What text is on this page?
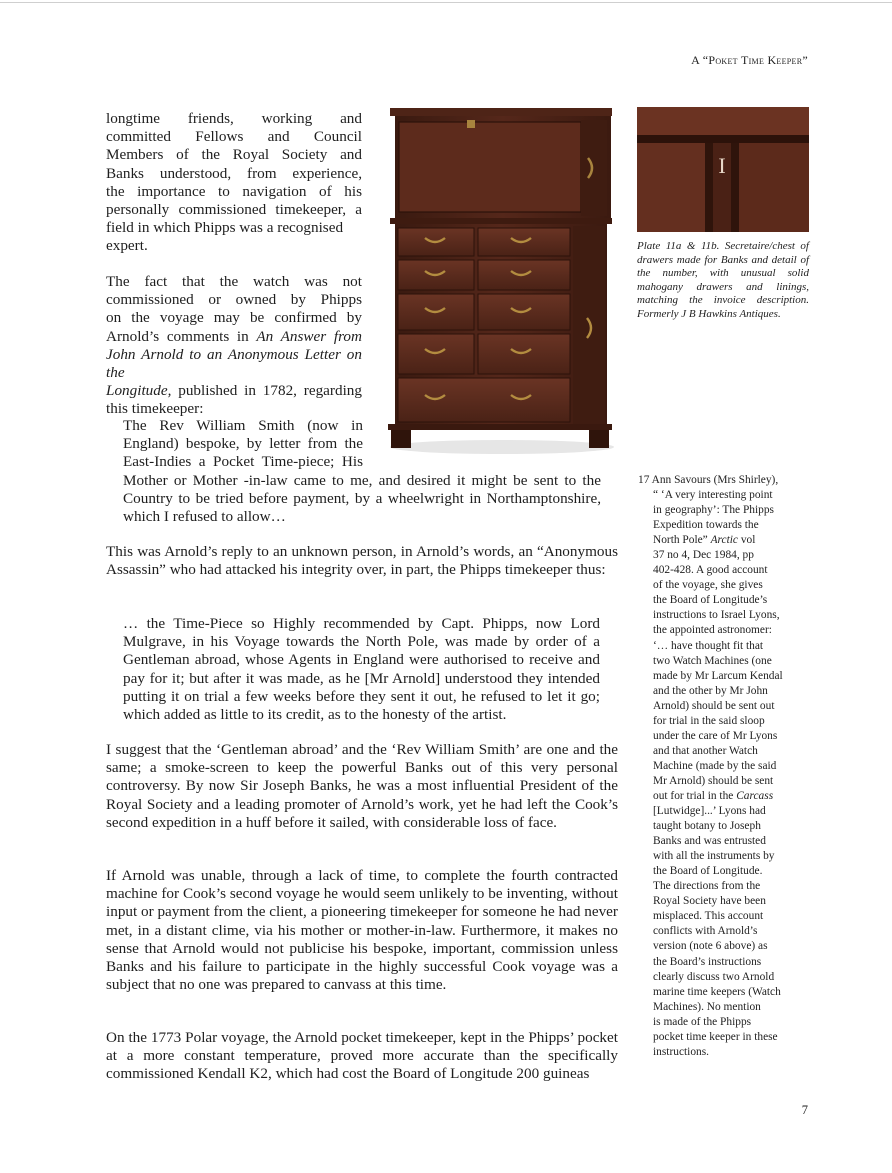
A “Poket Time Keeper”
longtime friends, working and
committed Fellows and Council
Members of the Royal Society and
Banks understood, from experience,
the importance to navigation of his
personally commissioned timekeeper, a
field in which Phipps was a recognised expert.
The fact that the watch was not
commissioned or owned by Phipps
on the voyage may be confirmed by
Arnold’s comments in An Answer from
John Arnold to an Anonymous Letter on the
Longitude, published in 1782, regarding
this timekeeper:
The Rev William Smith (now in
England) bespoke, by letter from the
East-Indies a Pocket Time-piece; His

Mother or Mother -in-law came to me, and desired it might be sent to the Country to be tried before payment, by a wheelwright in Northamptonshire, which I refused to allow…

This was Arnold’s reply to an unknown person, in Arnold’s words, an “Anonymous Assassin” who had attacked his integrity over, in part, the Phipps timekeeper thus:

… the Time-Piece so Highly recommended by Capt. Phipps, now Lord Mulgrave, in his Voyage towards the North Pole, was made by order of a Gentleman abroad, whose Agents in England were authorised to receive and pay for it; but after it was made, as he [Mr Arnold] understood they intended putting it on trial a few weeks before they sent it out, he refused to let it go; which added as little to its credit, as to the honesty of the artist.

I suggest that the ‘Gentleman abroad’ and the ‘Rev William Smith’ are one and the same; a smoke-screen to keep the powerful Banks out of this very personal controversy. By now Sir Joseph Banks, he was a most influential President of the Royal Society and a leading promoter of Arnold’s work, yet he had left the Cook’s second expedition in a huff before it sailed, with considerable loss of face.

If Arnold was unable, through a lack of time, to complete the fourth contracted machine for Cook’s second voyage he would seem unlikely to be inventing, without input or payment from the client, a pioneering timekeeper for someone he had never met, in a distant clime, via his mother or mother-in-law. Furthermore, it makes no sense that Arnold would not publicise his bespoke, important, commission unless Banks and his failure to participate in the highly successful Cook voyage was a subject that no one was prepared to canvass at this time.

On the 1773 Polar voyage, the Arnold pocket timekeeper, kept in the Phipps’ pocket at a more constant temperature, proved more accurate than the specifically commissioned Kendall K2, which had cost the Board of Longitude 200 guineas

I
Plate 11a & 11b. Secretaire/chest of drawers made for Banks and detail of the number, with unusual solid mahogany drawers and linings, matching the invoice description. Formerly J B Hawkins Antiques.
17 Ann Savours (Mrs Shirley),
“ ‘A very interesting point
in geography’: The Phipps
Expedition towards the
North Pole” Arctic vol
37 no 4, Dec 1984, pp
402-428. A good account
of the voyage, she gives
the Board of Longitude’s
instructions to Israel Lyons,
the appointed astronomer:
‘… have thought fit that
two Watch Machines (one
made by Mr Larcum Kendal
and the other by Mr John
Arnold) should be sent out
for trial in the said sloop
under the care of Mr Lyons
and that another Watch
Machine (made by the said
Mr Arnold) should be sent
out for trial in the Carcass
[Lutwidge]...’ Lyons had
taught botany to Joseph
Banks and was entrusted
with all the instruments by
the Board of Longitude.
The directions from the
Royal Society have been
misplaced. This account
conflicts with Arnold’s
version (note 6 above) as
the Board’s instructions
clearly discuss two Arnold
marine time keepers (Watch
Machines). No mention
is made of the Phipps
pocket time keeper in these
instructions.
7
